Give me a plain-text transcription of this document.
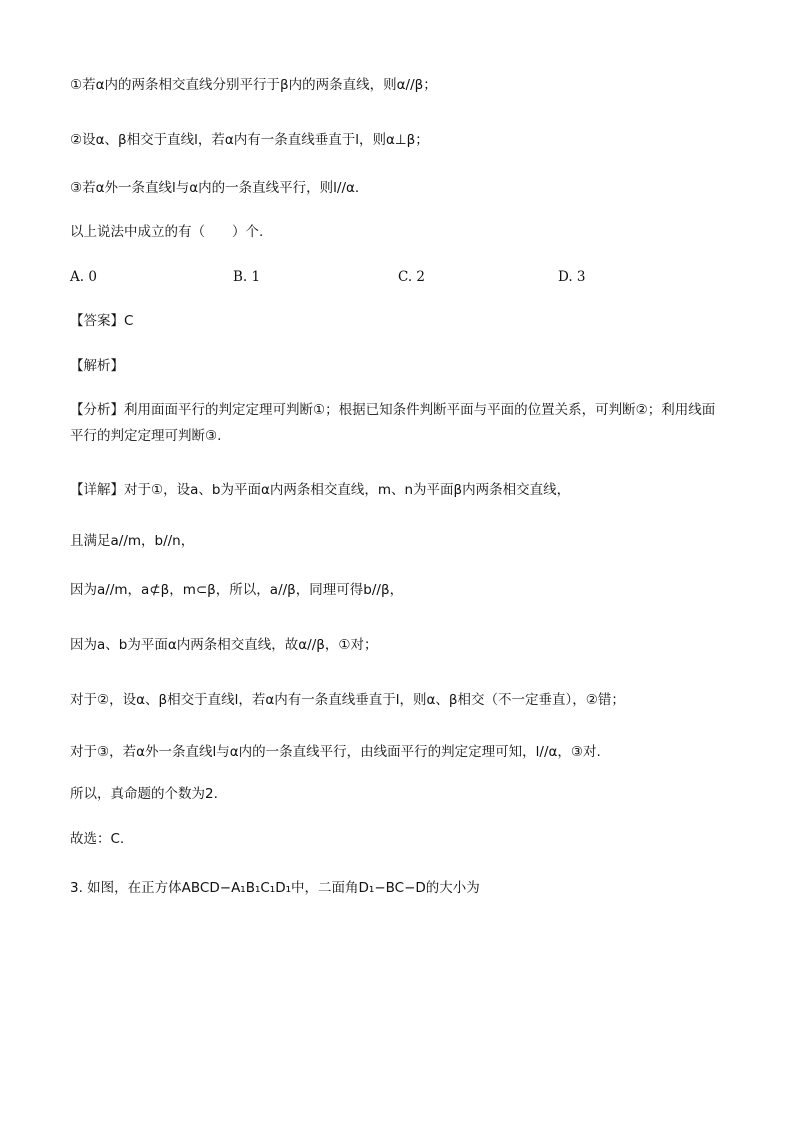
①若α内的两条相交直线分别平行于β内的两条直线，则α//β；
②设α、β相交于直线l，若α内有一条直线垂直于l，则α⊥β；
③若α外一条直线l与α内的一条直线平行，则l//α.
以上说法中成立的有（　　）个.
A. 0	B. 1	C. 2	D. 3
【答案】C
【解析】
【分析】利用面面平行的判定定理可判断①；根据已知条件判断平面与平面的位置关系，可判断②；利用线面平行的判定定理可判断③.
【详解】对于①，设a、b为平面α内两条相交直线，m、n为平面β内两条相交直线，
且满足a//m，b//n，
因为a//m，a⊄β，m⊂β，所以，a//β，同理可得b//β，
因为a、b为平面α内两条相交直线，故α//β，①对；
对于②，设α、β相交于直线l，若α内有一条直线垂直于l，则α、β相交（不一定垂直），②错；
对于③，若α外一条直线l与α内的一条直线平行，由线面平行的判定定理可知，l//α，③对.
所以，真命题的个数为2.
故选：C.
3. 如图，在正方体ABCD−A₁B₁C₁D₁中，二面角D₁−BC−D的大小为
